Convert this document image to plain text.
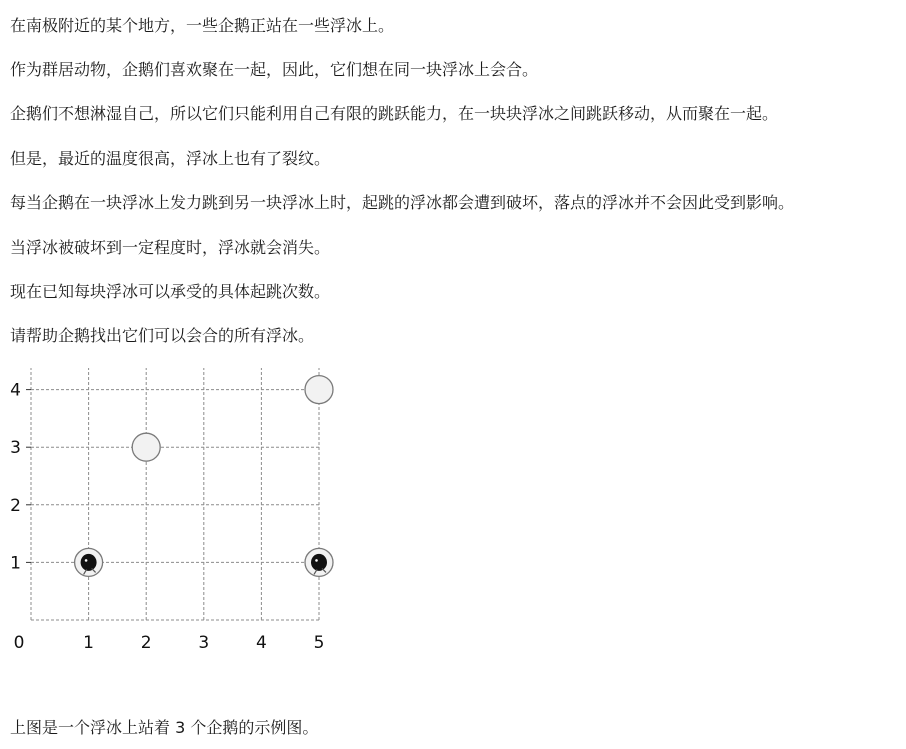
在南极附近的某个地方，一些企鹅正站在一些浮冰上。

作为群居动物，企鹅们喜欢聚在一起，因此，它们想在同一块浮冰上会合。

企鹅们不想淋湿自己，所以它们只能利用自己有限的跳跃能力，在一块块浮冰之间跳跃移动，从而聚在一起。

但是，最近的温度很高，浮冰上也有了裂纹。

每当企鹅在一块浮冰上发力跳到另一块浮冰上时，起跳的浮冰都会遭到破坏，落点的浮冰并不会因此受到影响。

当浮冰被破坏到一定程度时，浮冰就会消失。

现在已知每块浮冰可以承受的具体起跳次数。

请帮助企鹅找出它们可以会合的所有浮冰。

0	1	2	3	4	5
1
2
3
4

上图是一个浮冰上站着 3 个企鹅的示例图。
